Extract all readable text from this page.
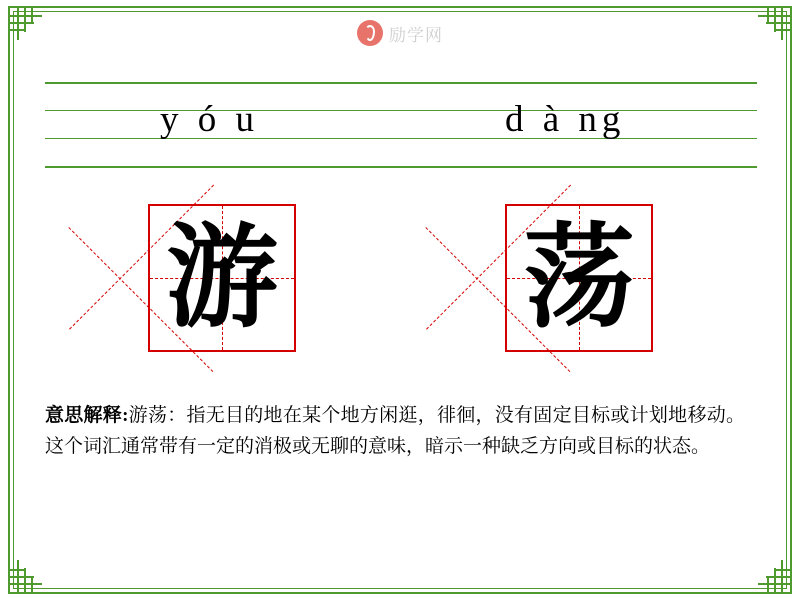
励学网
y ó u	d à ng
游 荡
意思解释:游荡：指无目的地在某个地方闲逛，徘徊，没有固定目标或计划地移动。这个词汇通常带有一定的消极或无聊的意味，暗示一种缺乏方向或目标的状态。
